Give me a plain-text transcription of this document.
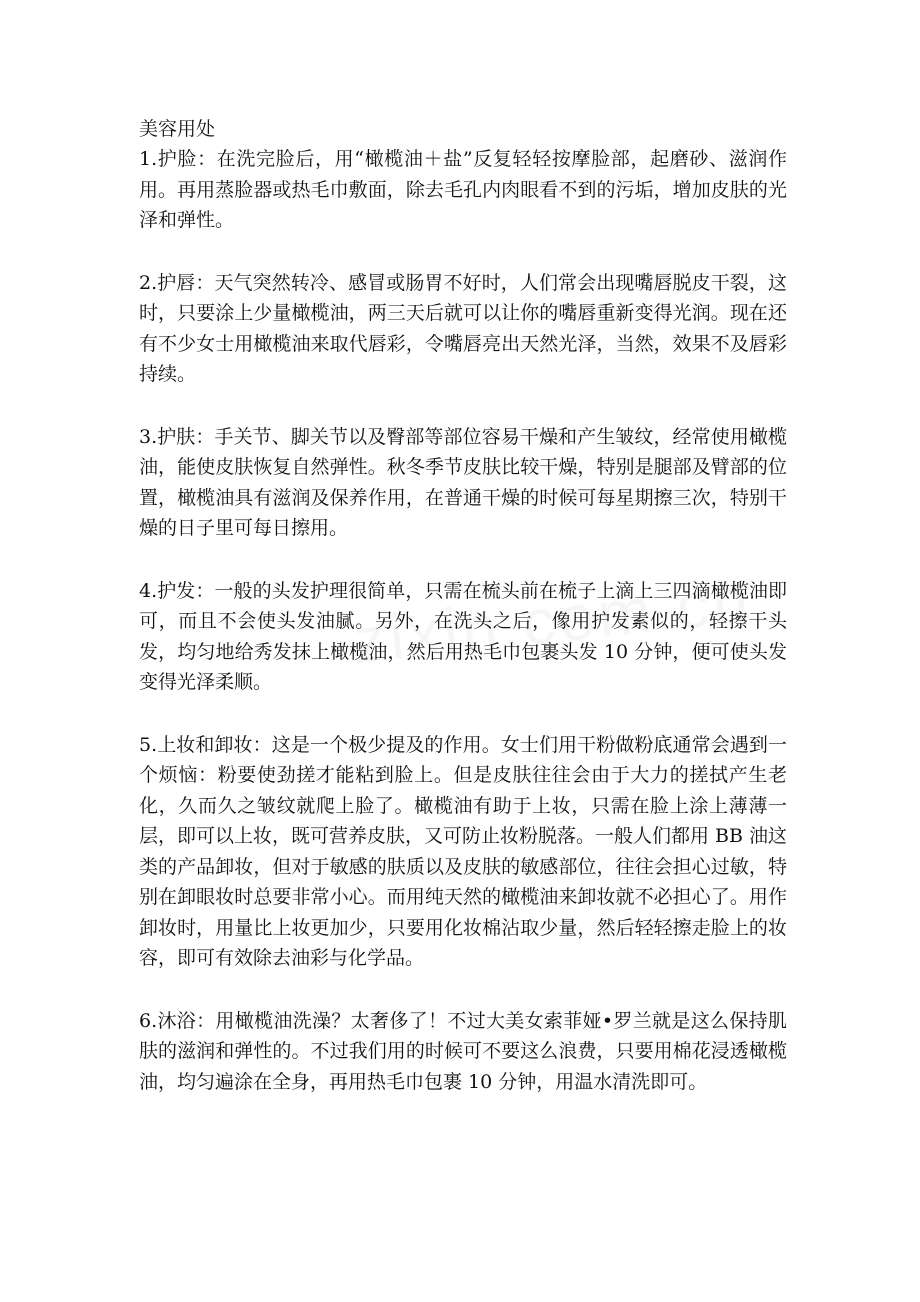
美容用处

1.护脸：在洗完脸后，用“橄榄油＋盐”反复轻轻按摩脸部，起磨砂、滋润作用。再用蒸脸器或热毛巾敷面，除去毛孔内肉眼看不到的污垢，增加皮肤的光泽和弹性。

2.护唇：天气突然转冷、感冒或肠胃不好时，人们常会出现嘴唇脱皮干裂，这时，只要涂上少量橄榄油，两三天后就可以让你的嘴唇重新变得光润。现在还有不少女士用橄榄油来取代唇彩，令嘴唇亮出天然光泽，当然，效果不及唇彩持续。

3.护肤：手关节、脚关节以及臀部等部位容易干燥和产生皱纹，经常使用橄榄油，能使皮肤恢复自然弹性。秋冬季节皮肤比较干燥，特别是腿部及臂部的位置，橄榄油具有滋润及保养作用，在普通干燥的时候可每星期擦三次，特别干燥的日子里可每日擦用。

4.护发：一般的头发护理很简单，只需在梳头前在梳子上滴上三四滴橄榄油即可，而且不会使头发油腻。另外，在洗头之后，像用护发素似的，轻擦干头发，均匀地给秀发抹上橄榄油，然后用热毛巾包裹头发 10 分钟，便可使头发变得光泽柔顺。

5.上妆和卸妆：这是一个极少提及的作用。女士们用干粉做粉底通常会遇到一个烦恼：粉要使劲搓才能粘到脸上。但是皮肤往往会由于大力的搓拭产生老化，久而久之皱纹就爬上脸了。橄榄油有助于上妆，只需在脸上涂上薄薄一层，即可以上妆，既可营养皮肤，又可防止妆粉脱落。一般人们都用 BB 油这类的产品卸妆，但对于敏感的肤质以及皮肤的敏感部位，往往会担心过敏，特别在卸眼妆时总要非常小心。而用纯天然的橄榄油来卸妆就不必担心了。用作卸妆时，用量比上妆更加少，只要用化妆棉沾取少量，然后轻轻擦走脸上的妆容，即可有效除去油彩与化学品。

6.沐浴：用橄榄油洗澡？太奢侈了！不过大美女索菲娅•罗兰就是这么保持肌肤的滋润和弹性的。不过我们用的时候可不要这么浪费，只要用棉花浸透橄榄油，均匀遍涂在全身，再用热毛巾包裹 10 分钟，用温水清洗即可。
